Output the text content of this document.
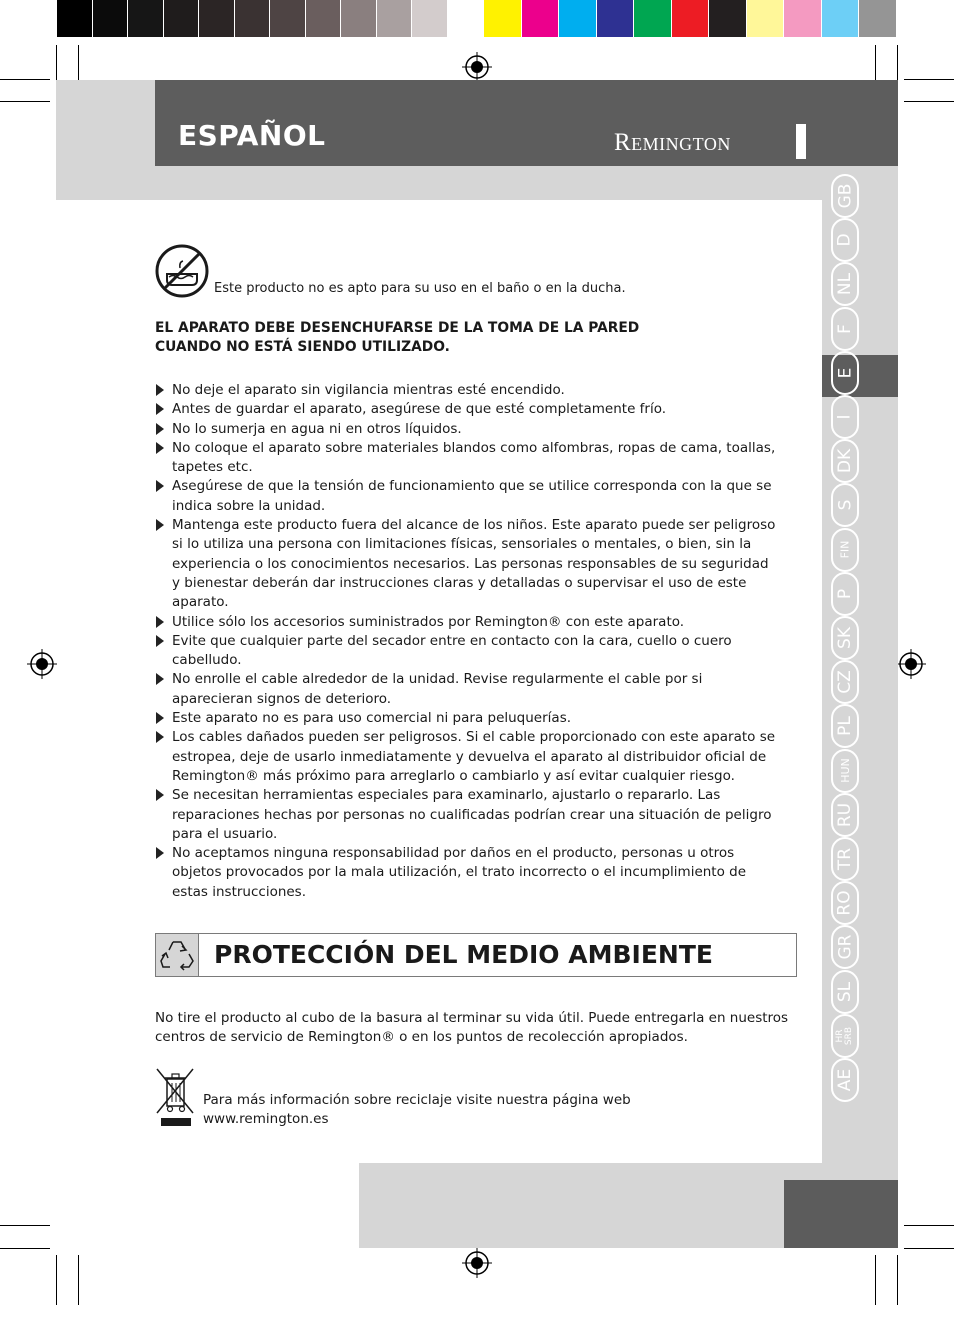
ESPAÑOL	Remington
GB
D
NL
F
E
I
DK
S
FIN
P
SK
CZ
PL
HUN
RU
TR
RO
GR
SL
HR
SRB
AE
Este producto no es apto para su uso en el baño o en la ducha.
EL APARATO DEBE DESENCHUFARSE DE LA TOMA DE LA PARED
CUANDO NO ESTÁ SIENDO UTILIZADO.
No deje el aparato sin vigilancia mientras esté encendido.
Antes de guardar el aparato, asegúrese de que esté completamente frío.
No lo sumerja en agua ni en otros líquidos.
No coloque el aparato sobre materiales blandos como alfombras, ropas de cama, toallas,
tapetes etc.
Asegúrese de que la tensión de funcionamiento que se utilice corresponda con la que se
indica sobre la unidad.
Mantenga este producto fuera del alcance de los niños. Este aparato puede ser peligroso
si lo utiliza una persona con limitaciones físicas, sensoriales o mentales, o bien, sin la
experiencia o los conocimientos necesarios. Las personas responsables de su seguridad
y bienestar deberán dar instrucciones claras y detalladas o supervisar el uso de este
aparato.
Utilice sólo los accesorios suministrados por Remington® con este aparato.
Evite que cualquier parte del secador entre en contacto con la cara, cuello o cuero
cabelludo.
No enrolle el cable alrededor de la unidad. Revise regularmente el cable por si
aparecieran signos de deterioro.
Este aparato no es para uso comercial ni para peluquerías.
Los cables dañados pueden ser peligrosos. Si el cable proporcionado con este aparato se
estropea, deje de usarlo inmediatamente y devuelva el aparato al distribuidor oficial de
Remington® más próximo para arreglarlo o cambiarlo y así evitar cualquier riesgo.
Se necesitan herramientas especiales para examinarlo, ajustarlo o repararlo. Las
reparaciones hechas por personas no cualificadas podrían crear una situación de peligro
para el usuario.
No aceptamos ninguna responsabilidad por daños en el producto, personas u otros
objetos provocados por la mala utilización, el trato incorrecto o el incumplimiento de
estas instrucciones.
PROTECCIÓN DEL MEDIO AMBIENTE
No tire el producto al cubo de la basura al terminar su vida útil. Puede entregarla en nuestros
centros de servicio de Remington® o en los puntos de recolección apropiados.
Para más información sobre reciclaje visite nuestra página web
www.remington.es
